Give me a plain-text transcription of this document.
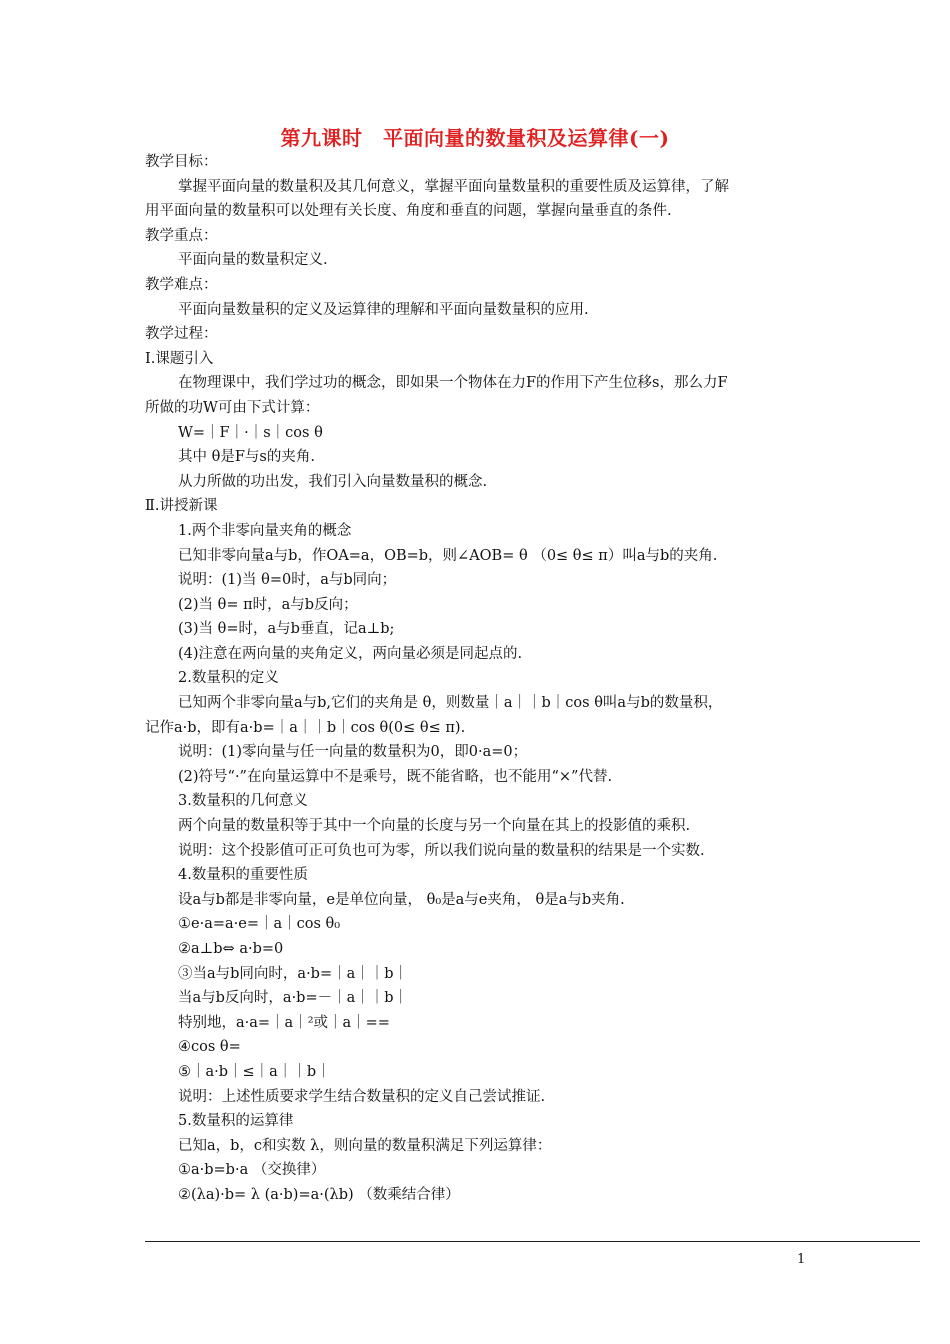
第九课时　平面向量的数量积及运算律(一)
教学目标：
掌握平面向量的数量积及其几何意义，掌握平面向量数量积的重要性质及运算律，了解
用平面向量的数量积可以处理有关长度、角度和垂直的问题，掌握向量垂直的条件.
教学重点：
平面向量的数量积定义.
教学难点：
平面向量数量积的定义及运算律的理解和平面向量数量积的应用.
教学过程：
Ⅰ.课题引入
在物理课中，我们学过功的概念，即如果一个物体在力F的作用下产生位移s，那么力F
所做的功W可由下式计算：
W=｜F｜·｜s｜cos θ
其中 θ是F与s的夹角.
从力所做的功出发，我们引入向量数量积的概念.
Ⅱ.讲授新课
1.两个非零向量夹角的概念
已知非零向量a与b，作OA=a，OB=b，则∠AOB= θ （0≤ θ≤ π）叫a与b的夹角.
说明：(1)当 θ=0时，a与b同向；
(2)当 θ= π时，a与b反向；
(3)当 θ=时，a与b垂直，记a⊥b;
(4)注意在两向量的夹角定义，两向量必须是同起点的.
2.数量积的定义
已知两个非零向量a与b,它们的夹角是 θ，则数量｜a｜｜b｜cos θ叫a与b的数量积，
记作a·b，即有a·b=｜a｜｜b｜cos θ(0≤ θ≤ π).
说明：(1)零向量与任一向量的数量积为0，即0·a=0；
(2)符号“·”在向量运算中不是乘号，既不能省略，也不能用“×”代替.
3.数量积的几何意义
两个向量的数量积等于其中一个向量的长度与另一个向量在其上的投影值的乘积.
说明：这个投影值可正可负也可为零，所以我们说向量的数量积的结果是一个实数.
4.数量积的重要性质
设a与b都是非零向量，e是单位向量， θ₀是a与e夹角， θ是a与b夹角.
①e·a=a·e=｜a｜cos θ₀
②a⊥b⇔ a·b=0
③当a与b同向时，a·b=｜a｜｜b｜
当a与b反向时，a·b=－｜a｜｜b｜
特别地，a·a=｜a｜²或｜a｜==
④cos θ=
⑤｜a·b｜≤｜a｜｜b｜
说明：上述性质要求学生结合数量积的定义自己尝试推证.
5.数量积的运算律
已知a，b，c和实数 λ，则向量的数量积满足下列运算律：
①a·b=b·a （交换律）
②(λa)·b= λ (a·b)=a·(λb) （数乘结合律）
1
